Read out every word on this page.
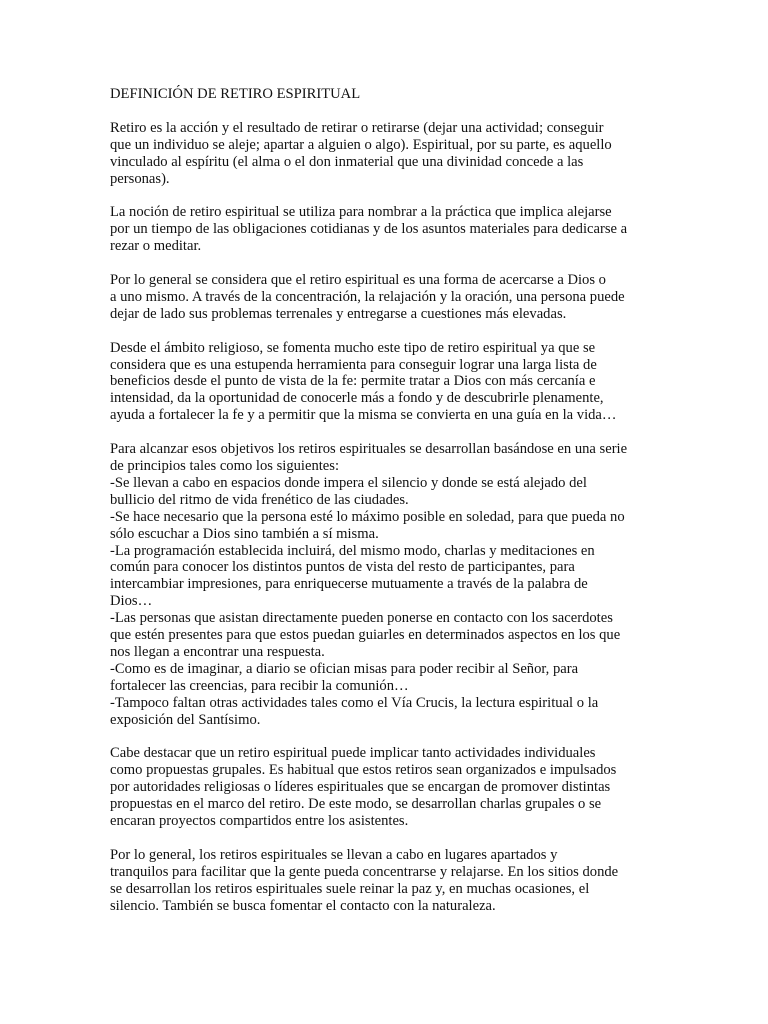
DEFINICIÓN DE RETIRO ESPIRITUAL

Retiro es la acción y el resultado de retirar o retirarse (dejar una actividad; conseguir
que un individuo se aleje; apartar a alguien o algo). Espiritual, por su parte, es aquello
vinculado al espíritu (el alma o el don inmaterial que una divinidad concede a las
personas).

La noción de retiro espiritual se utiliza para nombrar a la práctica que implica alejarse
por un tiempo de las obligaciones cotidianas y de los asuntos materiales para dedicarse a
rezar o meditar.

Por lo general se considera que el retiro espiritual es una forma de acercarse a Dios o
a uno mismo. A través de la concentración, la relajación y la oración, una persona puede
dejar de lado sus problemas terrenales y entregarse a cuestiones más elevadas.

Desde el ámbito religioso, se fomenta mucho este tipo de retiro espiritual ya que se
considera que es una estupenda herramienta para conseguir lograr una larga lista de
beneficios desde el punto de vista de la fe: permite tratar a Dios con más cercanía e
intensidad, da la oportunidad de conocerle más a fondo y de descubrirle plenamente,
ayuda a fortalecer la fe y a permitir que la misma se convierta en una guía en la vida…

Para alcanzar esos objetivos los retiros espirituales se desarrollan basándose en una serie
de principios tales como los siguientes:
-Se llevan a cabo en espacios donde impera el silencio y donde se está alejado del
bullicio del ritmo de vida frenético de las ciudades.
-Se hace necesario que la persona esté lo máximo posible en soledad, para que pueda no
sólo escuchar a Dios sino también a sí misma.
-La programación establecida incluirá, del mismo modo, charlas y meditaciones en
común para conocer los distintos puntos de vista del resto de participantes, para
intercambiar impresiones, para enriquecerse mutuamente a través de la palabra de
Dios…
-Las personas que asistan directamente pueden ponerse en contacto con los sacerdotes
que estén presentes para que estos puedan guiarles en determinados aspectos en los que
nos llegan a encontrar una respuesta.
-Como es de imaginar, a diario se ofician misas para poder recibir al Señor, para
fortalecer las creencias, para recibir la comunión…
-Tampoco faltan otras actividades tales como el Vía Crucis, la lectura espiritual o la
exposición del Santísimo.

Cabe destacar que un retiro espiritual puede implicar tanto actividades individuales
como propuestas grupales. Es habitual que estos retiros sean organizados e impulsados
por autoridades religiosas o líderes espirituales que se encargan de promover distintas
propuestas en el marco del retiro. De este modo, se desarrollan charlas grupales o se
encaran proyectos compartidos entre los asistentes.

Por lo general, los retiros espirituales se llevan a cabo en lugares apartados y
tranquilos para facilitar que la gente pueda concentrarse y relajarse. En los sitios donde
se desarrollan los retiros espirituales suele reinar la paz y, en muchas ocasiones, el
silencio. También se busca fomentar el contacto con la naturaleza.
